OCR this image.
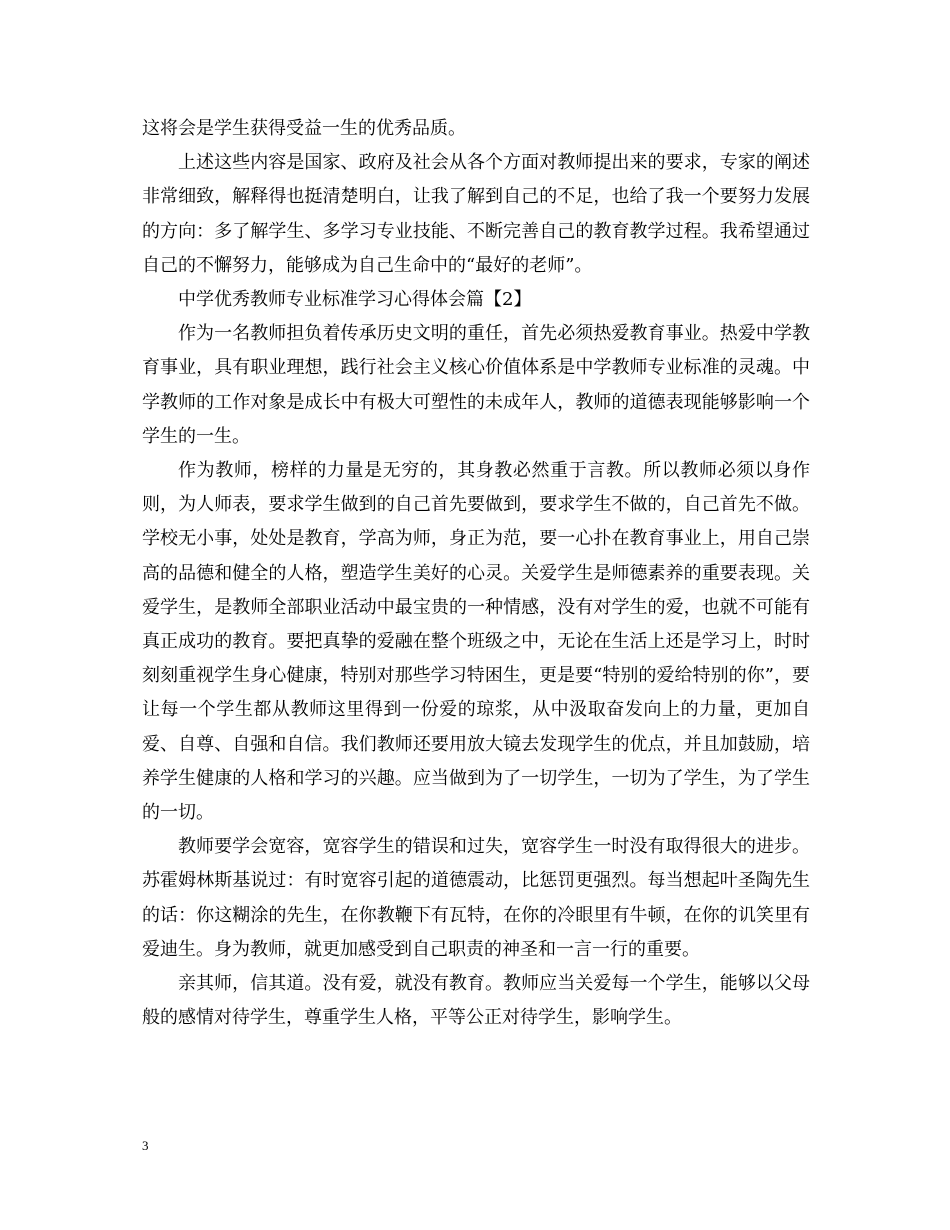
这将会是学生获得受益一生的优秀品质。

上述这些内容是国家、政府及社会从各个方面对教师提出来的要求，专家的阐述非常细致，解释得也挺清楚明白，让我了解到自己的不足，也给了我一个要努力发展的方向：多了解学生、多学习专业技能、不断完善自己的教育教学过程。我希望通过自己的不懈努力，能够成为自己生命中的“最好的老师”。

中学优秀教师专业标准学习心得体会篇【2】

作为一名教师担负着传承历史文明的重任，首先必须热爱教育事业。热爱中学教育事业，具有职业理想，践行社会主义核心价值体系是中学教师专业标准的灵魂。中学教师的工作对象是成长中有极大可塑性的未成年人，教师的道德表现能够影响一个学生的一生。

作为教师，榜样的力量是无穷的，其身教必然重于言教。所以教师必须以身作则，为人师表，要求学生做到的自己首先要做到，要求学生不做的，自己首先不做。学校无小事，处处是教育，学高为师，身正为范，要一心扑在教育事业上，用自己崇高的品德和健全的人格，塑造学生美好的心灵。关爱学生是师德素养的重要表现。关爱学生，是教师全部职业活动中最宝贵的一种情感，没有对学生的爱，也就不可能有真正成功的教育。要把真挚的爱融在整个班级之中，无论在生活上还是学习上，时时刻刻重视学生身心健康，特别对那些学习特困生，更是要“特别的爱给特别的你”，要让每一个学生都从教师这里得到一份爱的琼浆，从中汲取奋发向上的力量，更加自爱、自尊、自强和自信。我们教师还要用放大镜去发现学生的优点，并且加鼓励，培养学生健康的人格和学习的兴趣。应当做到为了一切学生，一切为了学生，为了学生的一切。

教师要学会宽容，宽容学生的错误和过失，宽容学生一时没有取得很大的进步。苏霍姆林斯基说过：有时宽容引起的道德震动，比惩罚更强烈。每当想起叶圣陶先生的话：你这糊涂的先生，在你教鞭下有瓦特，在你的冷眼里有牛顿，在你的讥笑里有爱迪生。身为教师，就更加感受到自己职责的神圣和一言一行的重要。

亲其师，信其道。没有爱，就没有教育。教师应当关爱每一个学生，能够以父母般的感情对待学生，尊重学生人格，平等公正对待学生，影响学生。

3
